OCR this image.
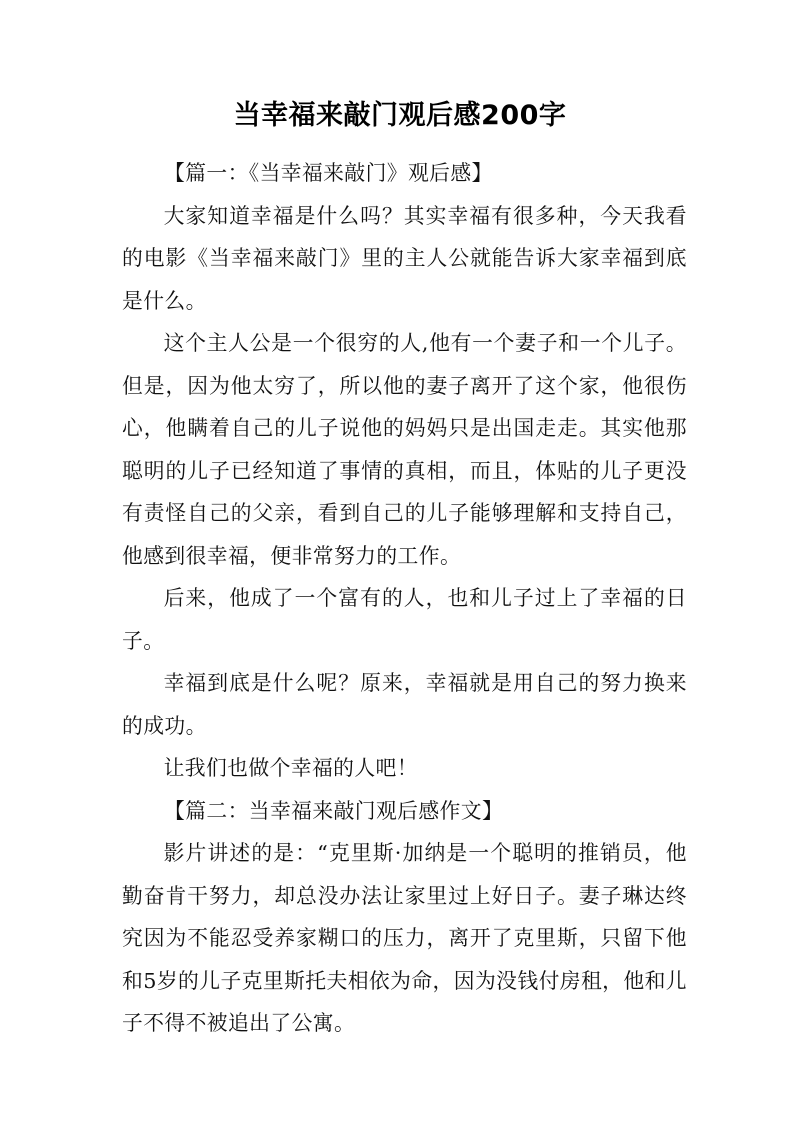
当幸福来敲门观后感200字

【篇一：《当幸福来敲门》观后感】

大家知道幸福是什么吗？其实幸福有很多种，今天我看的电影《当幸福来敲门》里的主人公就能告诉大家幸福到底是什么。

这个主人公是一个很穷的人,他有一个妻子和一个儿子。但是，因为他太穷了，所以他的妻子离开了这个家，他很伤心，他瞒着自己的儿子说他的妈妈只是出国走走。其实他那聪明的儿子已经知道了事情的真相，而且，体贴的儿子更没有责怪自己的父亲，看到自己的儿子能够理解和支持自己，他感到很幸福，便非常努力的工作。

后来，他成了一个富有的人，也和儿子过上了幸福的日子。

幸福到底是什么呢？原来，幸福就是用自己的努力换来的成功。

让我们也做个幸福的人吧！

【篇二：当幸福来敲门观后感作文】

影片讲述的是：“克里斯·加纳是一个聪明的推销员，他勤奋肯干努力，却总没办法让家里过上好日子。妻子琳达终究因为不能忍受养家糊口的压力，离开了克里斯，只留下他和5岁的儿子克里斯托夫相依为命，因为没钱付房租，他和儿子不得不被追出了公寓。
